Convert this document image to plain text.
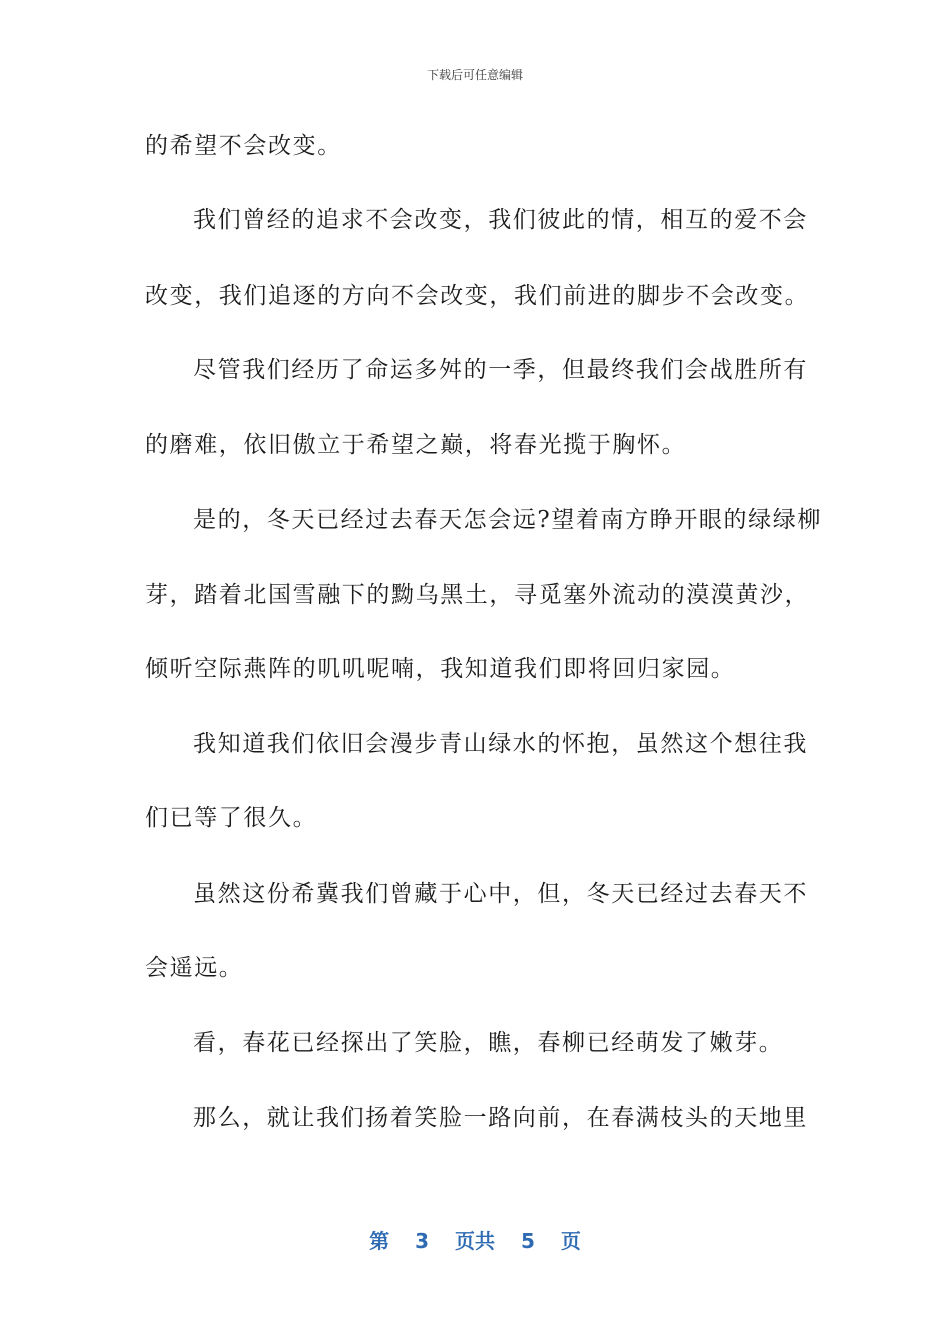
下载后可任意编辑
的希望不会改变。
我们曾经的追求不会改变，我们彼此的情，相互的爱不会
改变，我们追逐的方向不会改变，我们前进的脚步不会改变。
尽管我们经历了命运多舛的一季，但最终我们会战胜所有
的磨难，依旧傲立于希望之巅，将春光揽于胸怀。
是的，冬天已经过去春天怎会远?望着南方睁开眼的绿绿柳
芽，踏着北国雪融下的黝乌黑土，寻觅塞外流动的漠漠黄沙，
倾听空际燕阵的叽叽呢喃，我知道我们即将回归家园。
我知道我们依旧会漫步青山绿水的怀抱，虽然这个想往我
们已等了很久。
虽然这份希冀我们曾藏于心中，但，冬天已经过去春天不
会遥远。
看，春花已经探出了笑脸，瞧，春柳已经萌发了嫩芽。
那么，就让我们扬着笑脸一路向前，在春满枝头的天地里
第 3 页共 5 页
